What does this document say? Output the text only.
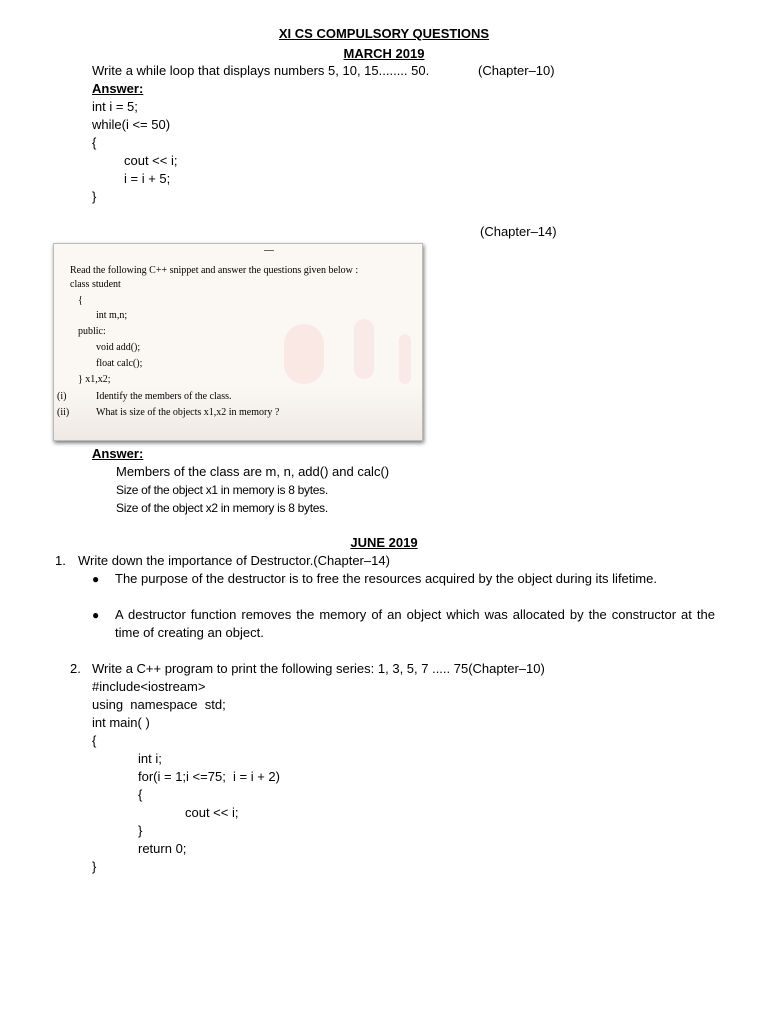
XI CS COMPULSORY QUESTIONS
MARCH 2019
Write a while loop that displays numbers 5, 10, 15........ 50.	(Chapter–10)
Answer:
int i = 5;
while(i <= 50)
{
cout << i;
i = i + 5;
}
(Chapter–14)
Read the following C++ snippet and answer the questions given below :
class student
{
int m,n;
public:
void add();
float calc();
} x1,x2;
(i)	Identify the members of the class.
(ii)	What is size of the objects x1,x2 in memory ?
Answer:
Members of the class are m, n, add() and calc()
Size of the object x1 in memory is 8 bytes.
Size of the object x2 in memory is 8 bytes.
JUNE 2019
1. Write down the importance of Destructor.(Chapter–14)
● The purpose of the destructor is to free the resources acquired by the object during its lifetime.
● A destructor function removes the memory of an object which was allocated by the constructor at the time of creating an object.
2. Write a C++ program to print the following series: 1, 3, 5, 7 ..... 75(Chapter–10)
#include<iostream>
using  namespace  std;
int main( )
{
int i;
for(i = 1;i <=75;  i = i + 2)
{
cout << i;
}
return 0;
}
